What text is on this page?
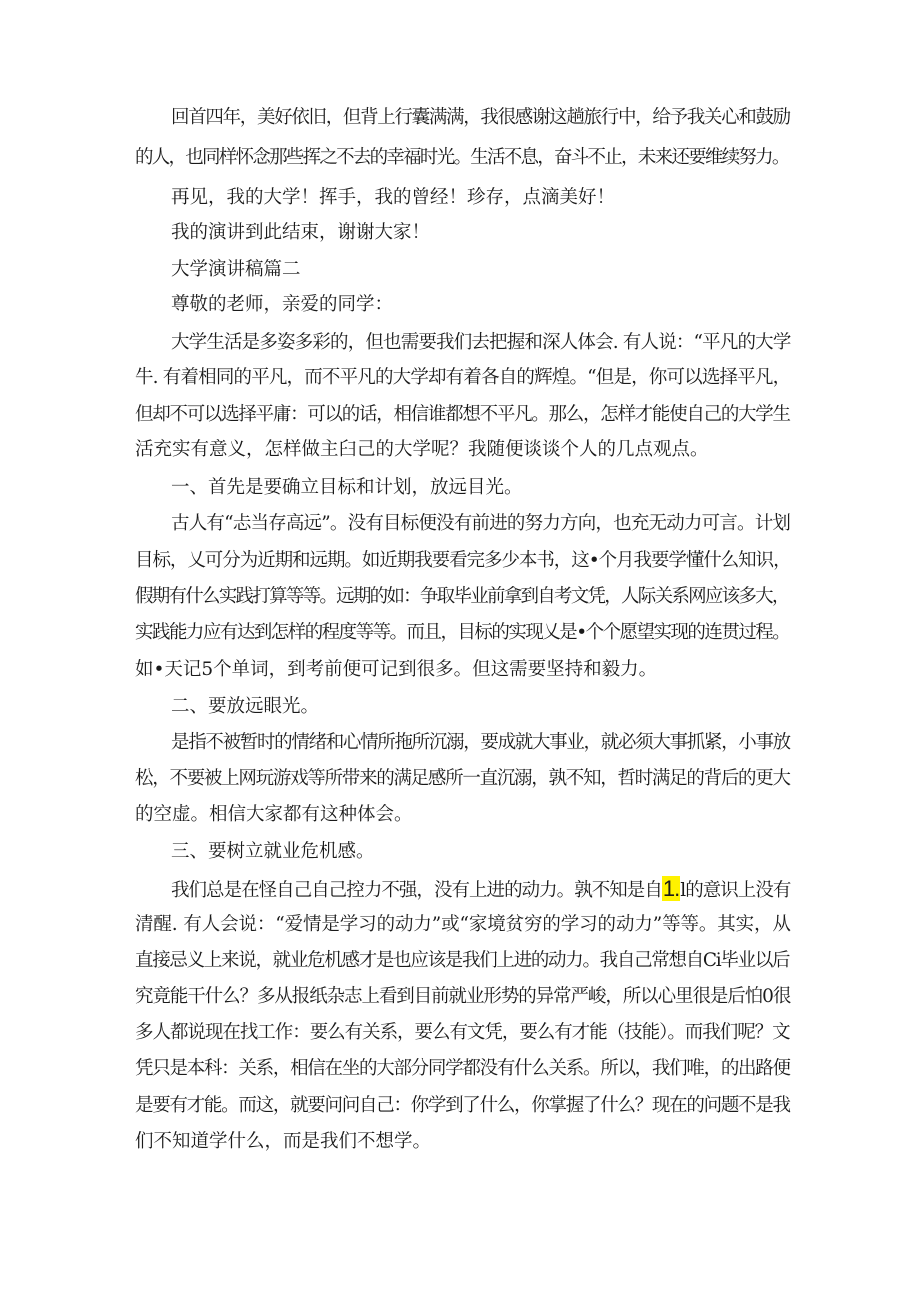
回首四年，美好依旧，但背上行囊满满，我很感谢这趟旅行中，给予我关心和鼓励
的人，也同样怀念那些挥之不去的幸福时光。生活不息，奋斗不止，未来还要维续努力。
再见，我的大学！挥手，我的曾经！珍存，点滴美好！
我的演讲到此结束，谢谢大家！
大学演讲稿篇二
尊敬的老师，亲爱的同学：
大学生活是多姿多彩的，但也需要我们去把握和深人体会. 有人说：“平凡的大学
牛. 有着相同的平凡，而不平凡的大学却有着各自的辉煌。“但是，你可以选择平凡，
但却不可以选择平庸：可以的话，相信谁都想不平凡。那么，怎样才能使自己的大学生
活充实有意义，怎样做主臼己的大学呢？我随便谈谈个人的几点观点。
一、首先是要确立目标和计划，放远目光。
古人有“忐当存高远”。没有目标便没有前进的努力方向，也充无动力可言。计划
目标，乂可分为近期和远期。如近期我要看完多少本书，这•个月我要学懂什么知识，
假期有什么实践打算等等。远期的如：争取毕业前拿到自考文凭，人际关系网应该多大，
实践能力应有达到怎样的程度等等。而且，目标的实现乂是•个个愿望实现的连贯过程。
如•天记5个单词，到考前便可记到很多。但这需要坚持和毅力。
二、要放远眼光。
是指不被暂时的情绪和心情所拖所沉溺，要成就大事业，就必须大事抓紧，小事放
松，不要被上网玩游戏等所带来的满足感所一直沉溺，孰不知，哲时满足的背后的更大
的空虚。相信大家都有这种体会。
三、要树立就业危机感。
清醒. 有人会说：“爱情是学习的动力”或“家境贫穷的学习的动力”等等。其实，从
直接忌义上来说，就业危机感才是也应该是我们上进的动力。我自己常想自Ci毕业以后
究竟能干什么？多从报纸杂志上看到目前就业形势的异常严峻，所以心里很是后怕0很
多人都说现在找工作：要么有关系，要么有文凭，要么有才能（技能）。而我们呢？文
凭只是本科：关系，相信在坐的大部分同学都没有什么关系。所以，我们唯，的出路便
是要有才能。而这，就要问问自己：你学到了什么，你掌握了什么？现在的问题不是我
们不知道学什么，而是我们不想学。
我们总是在怪自己自己控力不强，没有上进的动力。孰不知是自1.l的意识上没有
